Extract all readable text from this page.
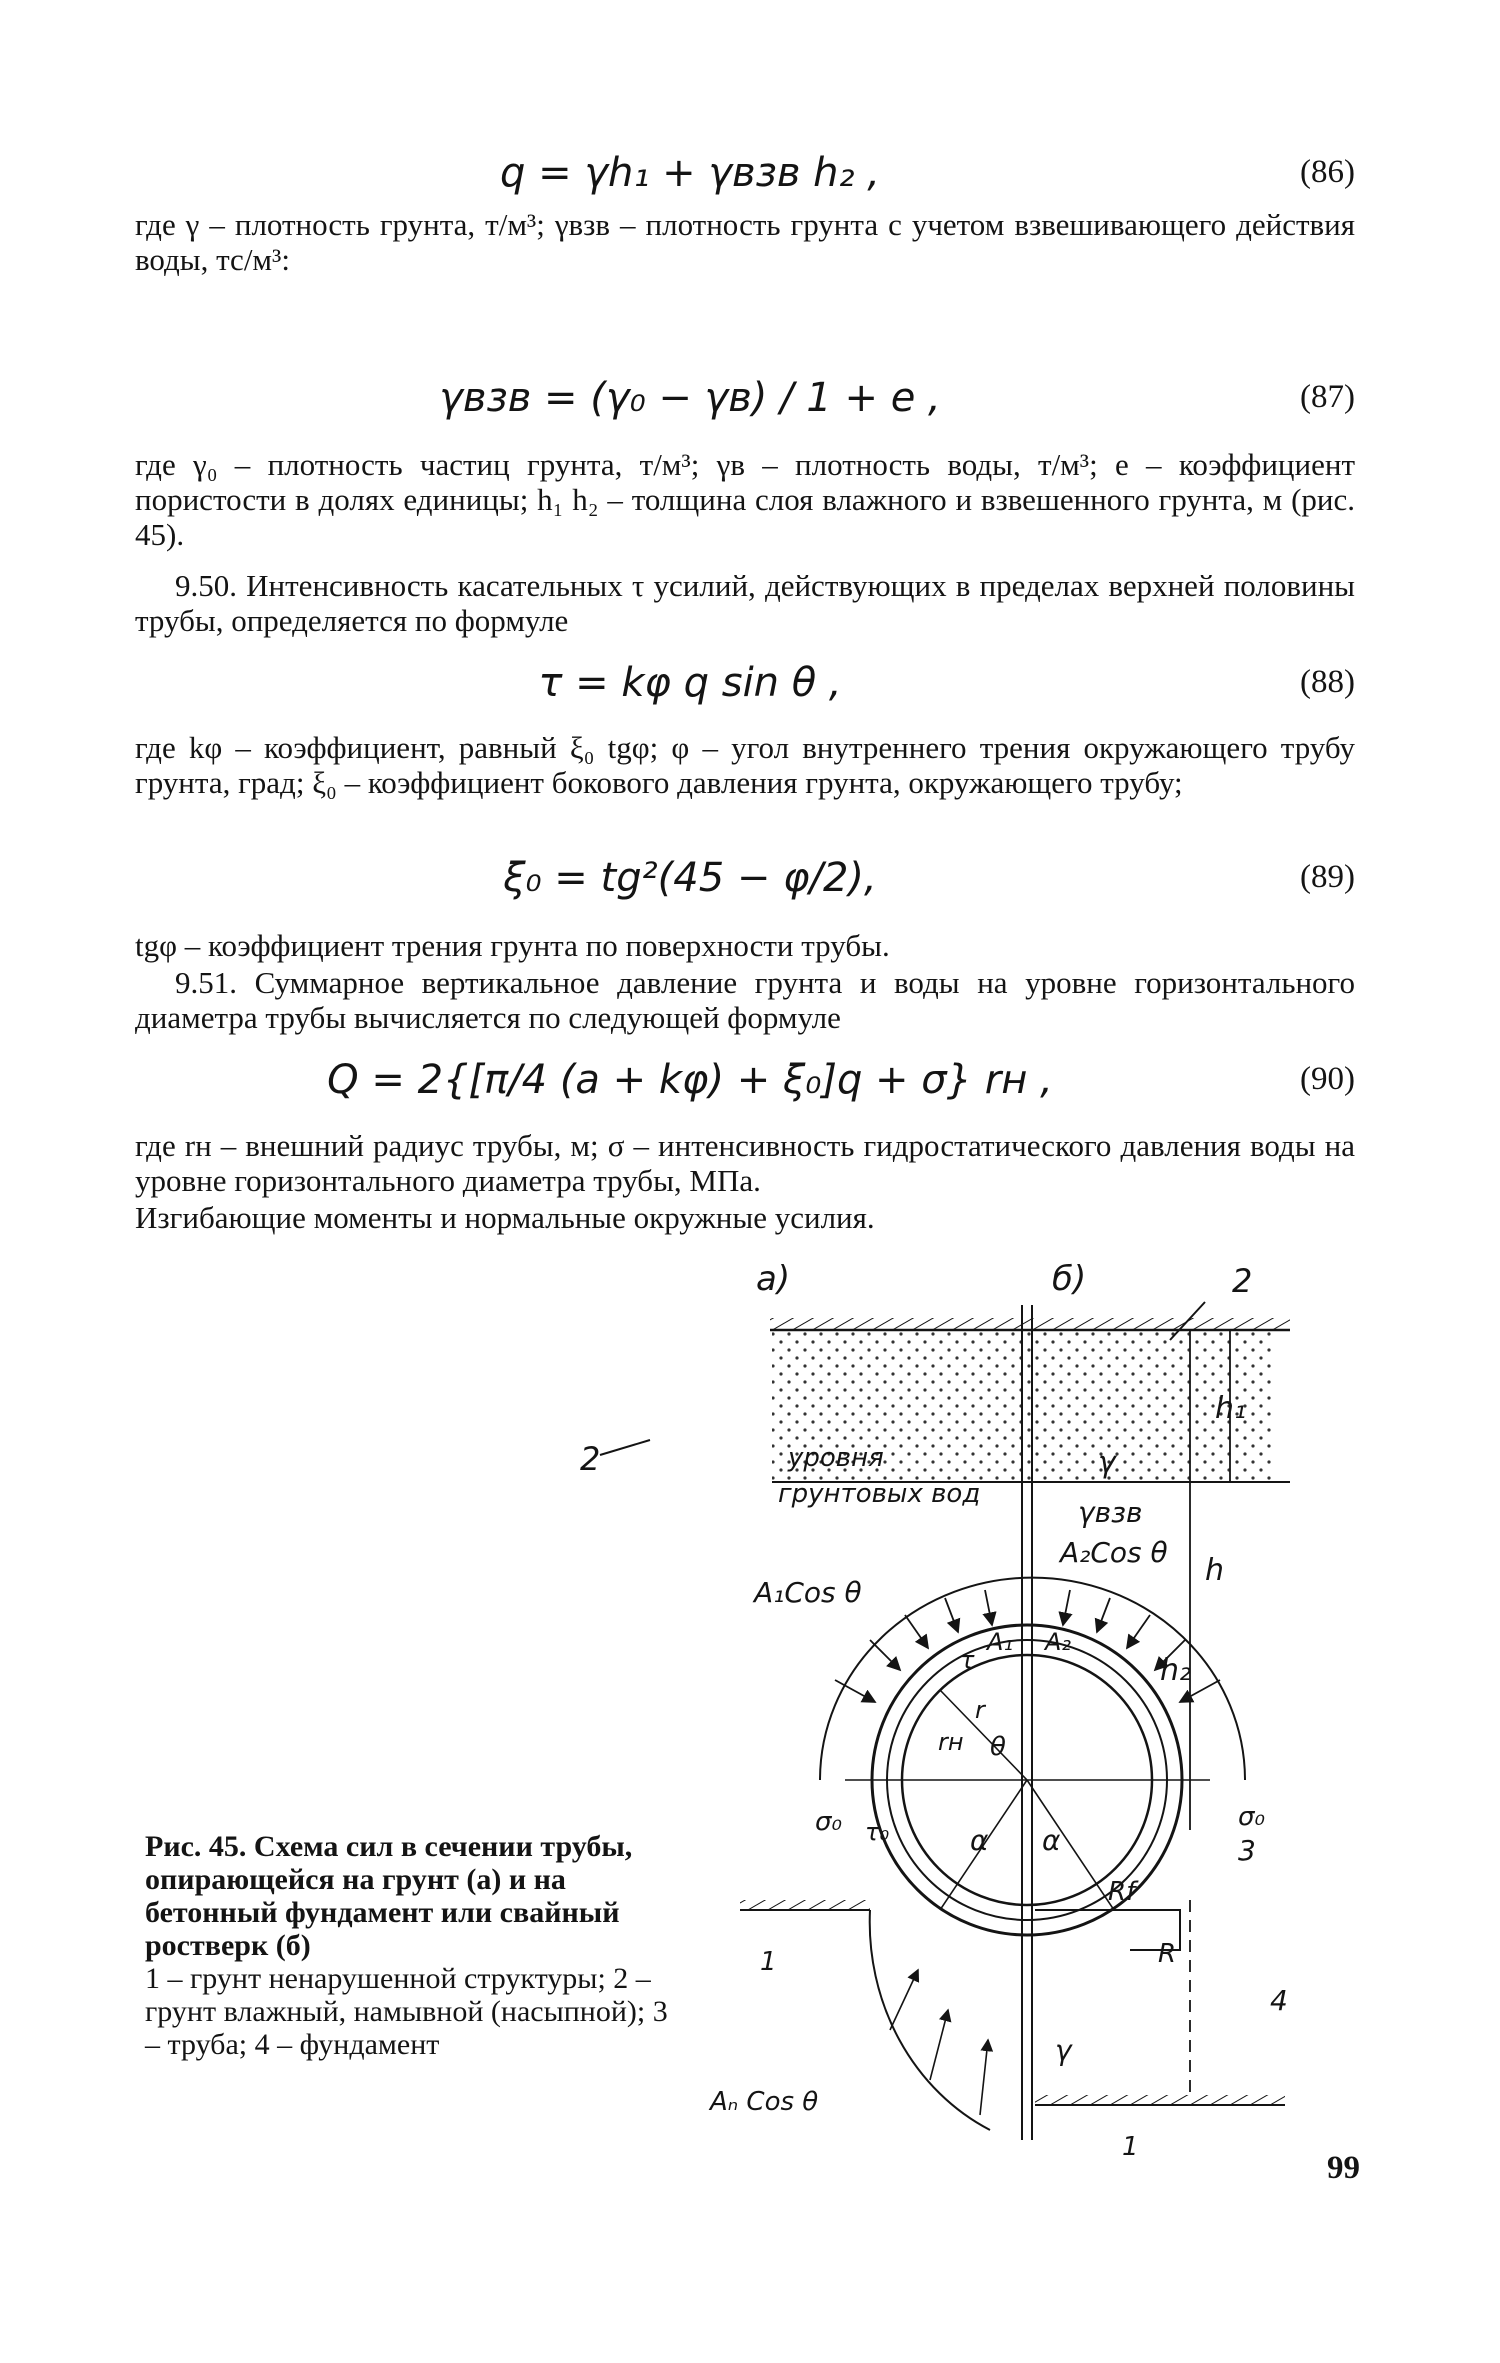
q = γh₁ + γвзв h₂ ,	(86)

где γ – плотность грунта, т/м³; γвзв – плотность грунта с учетом взвешивающего действия воды, тс/м³:

γвзв = (γ₀ − γв) / 1 + e ,	(87)

где γ₀ – плотность частиц грунта, т/м³; γв – плотность воды, т/м³; e – коэффициент пористости в долях единицы; h₁ h₂ – толщина слоя влажного и взвешенного грунта, м (рис. 45).

9.50. Интенсивность касательных τ усилий, действующих в пределах верхней половины трубы, определяется по формуле

τ = kφ q sin θ ,	(88)

где kφ – коэффициент, равный ξ₀ tgφ; φ – угол внутреннего трения окружающего трубу грунта, град; ξ₀ – коэффициент бокового давления грунта, окружающего трубу;

ξ₀ = tg²(45 − φ/2),	(89)

tgφ – коэффициент трения грунта по поверхности трубы.

9.51. Суммарное вертикальное давление грунта и воды на уровне горизонтального диаметра трубы вычисляется по следующей формуле

Q = 2{[π/4 (a + kφ) + ξ₀]q + σ} rн ,	(90)

где rн – внешний радиус трубы, м; σ – интенсивность гидростатического давления воды на уровне горизонтального диаметра трубы, МПа.

Изгибающие моменты и нормальные окружные усилия.

а)	б)	2
уровня
грунтовых вод
2	γ
γвзв
A₂Cos θ
A₁Cos θ
h₁
h
h₂
A₁ A₂
τ
r
rн θ
α α
σ₀ τ₀	σ₀
3
1
Aₙ Cos θ
Rf
R
4
γ
1
Рис. 45. Схема сил в сечении трубы, опирающейся на грунт (а) и на бетонный фундамент или свайный ростверк (б)
1 – грунт ненарушенной структуры; 2 – грунт влажный, намывной (насыпной); 3 – труба; 4 – фундамент
99
